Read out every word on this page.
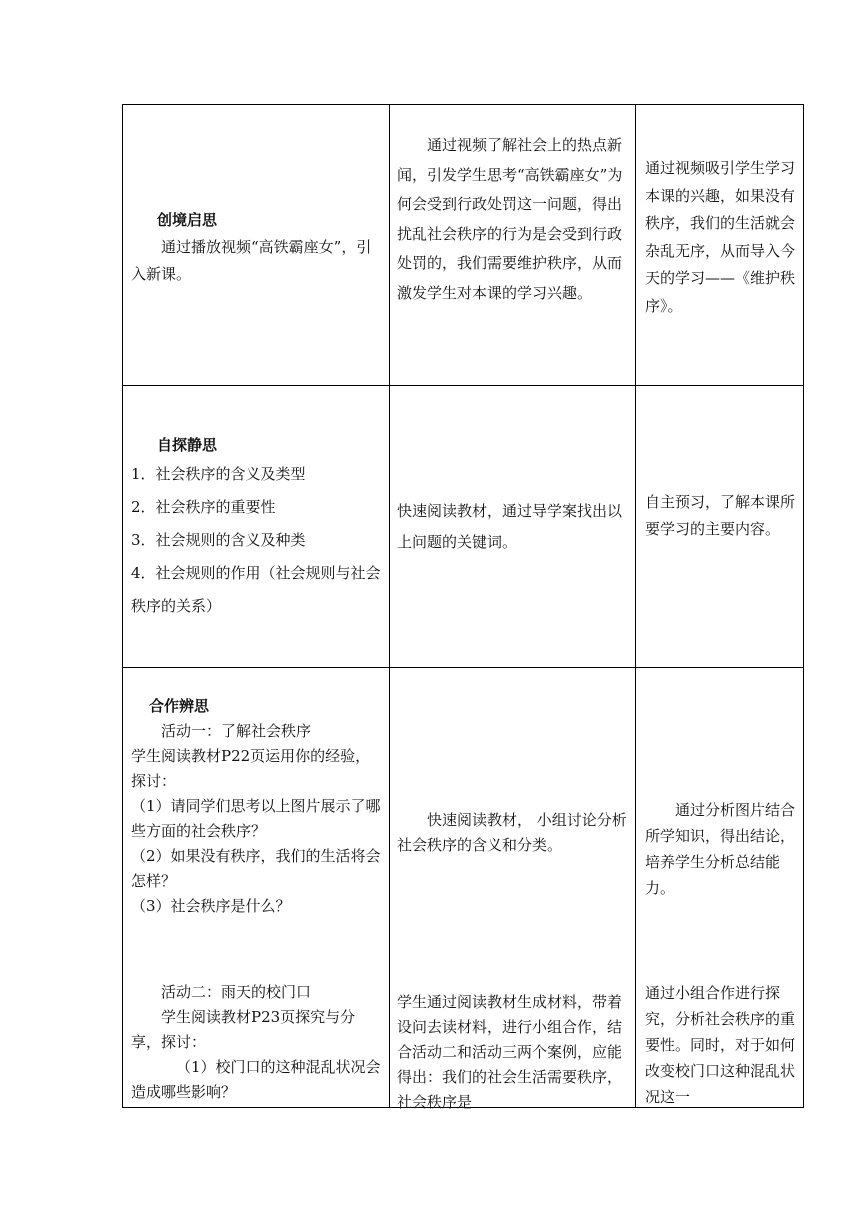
创境启思

通过播放视频“高铁霸座女”，引入新课。

通过视频了解社会上的热点新闻，引发学生思考“高铁霸座女”为何会受到行政处罚这一问题，得出扰乱社会秩序的行为是会受到行政处罚的，我们需要维护秩序，从而激发学生对本课的学习兴趣。
通过视频吸引学生学习本课的兴趣，如果没有秩序，我们的生活就会杂乱无序，从而导入今天的学习——《维护秩序》。

自探静思

1．社会秩序的含义及类型

2．社会秩序的重要性

3．社会规则的含义及种类

4．社会规则的作用（社会规则与社会秩序的关系）

快速阅读教材，通过导学案找出以上问题的关键词。
自主预习，了解本课所要学习的主要内容。

合作辨思

活动一：了解社会秩序

学生阅读教材P22页运用你的经验，探讨：

（1）请同学们思考以上图片展示了哪些方面的社会秩序？

（2）如果没有秩序，我们的生活将会怎样？

（3）社会秩序是什么？

活动二：雨天的校门口

学生阅读教材P23页探究与分享，探讨：

（1）校门口的这种混乱状况会造成哪些影响？

快速阅读教材， 小组讨论分析社会秩序的含义和分类。
学生通过阅读教材生成材料，带着设问去读材料，进行小组合作，结合活动二和活动三两个案例，应能得出：我们的社会生活需要秩序，社会秩序是
通过分析图片结合所学知识，得出结论，培养学生分析总结能力。
通过小组合作进行探究，分析社会秩序的重要性。同时，对于如何改变校门口这种混乱状况这一
